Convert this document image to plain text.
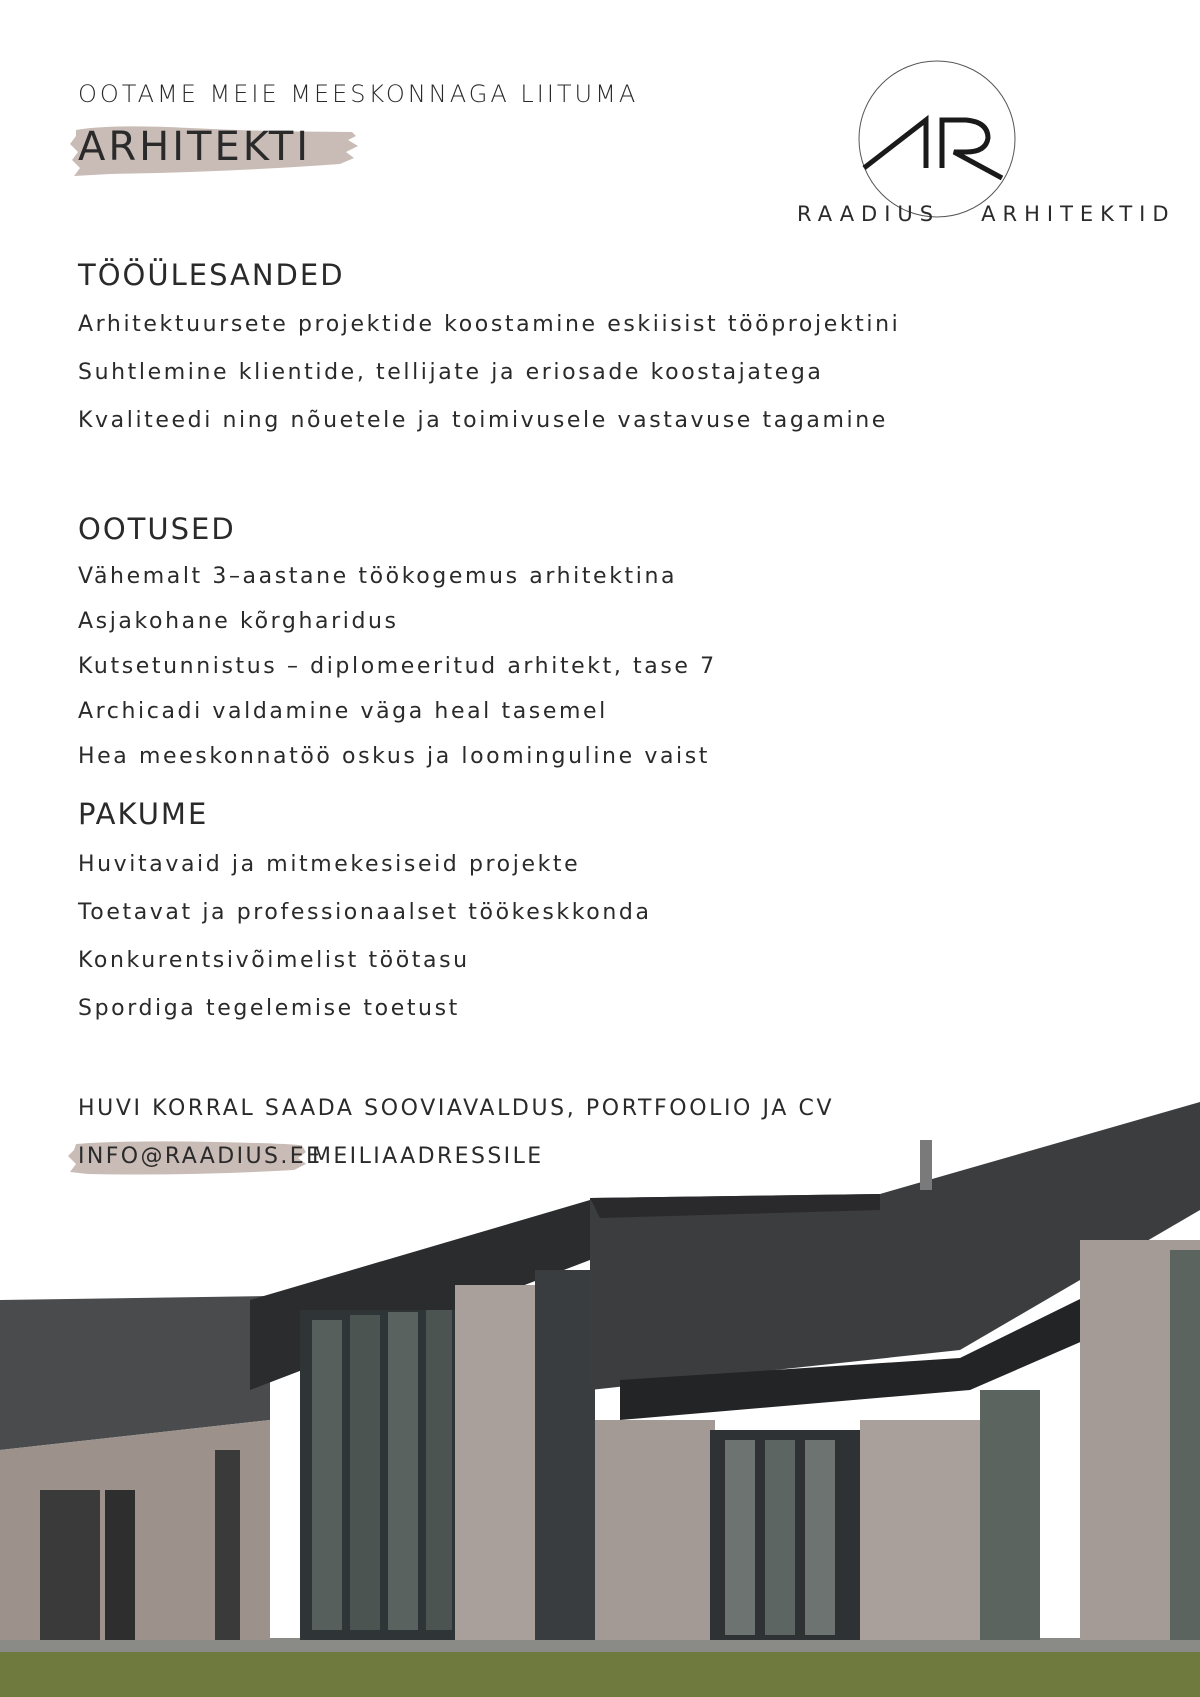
OOTAME MEIE MEESKONNAGA LIITUMA
ARHITEKTI
RAADIUS   ARHITEKTID
TÖÖÜLESANDED
Arhitektuursete projektide koostamine eskiisist tööprojektini
Suhtlemine klientide, tellijate ja eriosade koostajatega
Kvaliteedi ning nõuetele ja toimivusele vastavuse tagamine
OOTUSED
Vähemalt 3–aastane töökogemus arhitektina
Asjakohane kõrgharidus
Kutsetunnistus – diplomeeritud arhitekt, tase 7
Archicadi valdamine väga heal tasemel
Hea meeskonnatöö oskus ja loominguline vaist
PAKUME
Huvitavaid ja mitmekesiseid projekte
Toetavat ja professionaalset töökeskkonda
Konkurentsivõimelist töötasu
Spordiga tegelemise toetust
HUVI KORRAL SAADA SOOVIAVALDUS, PORTFOOLIO JA CV
INFO@RAADIUS.EE
MEILIAADRESSILE
